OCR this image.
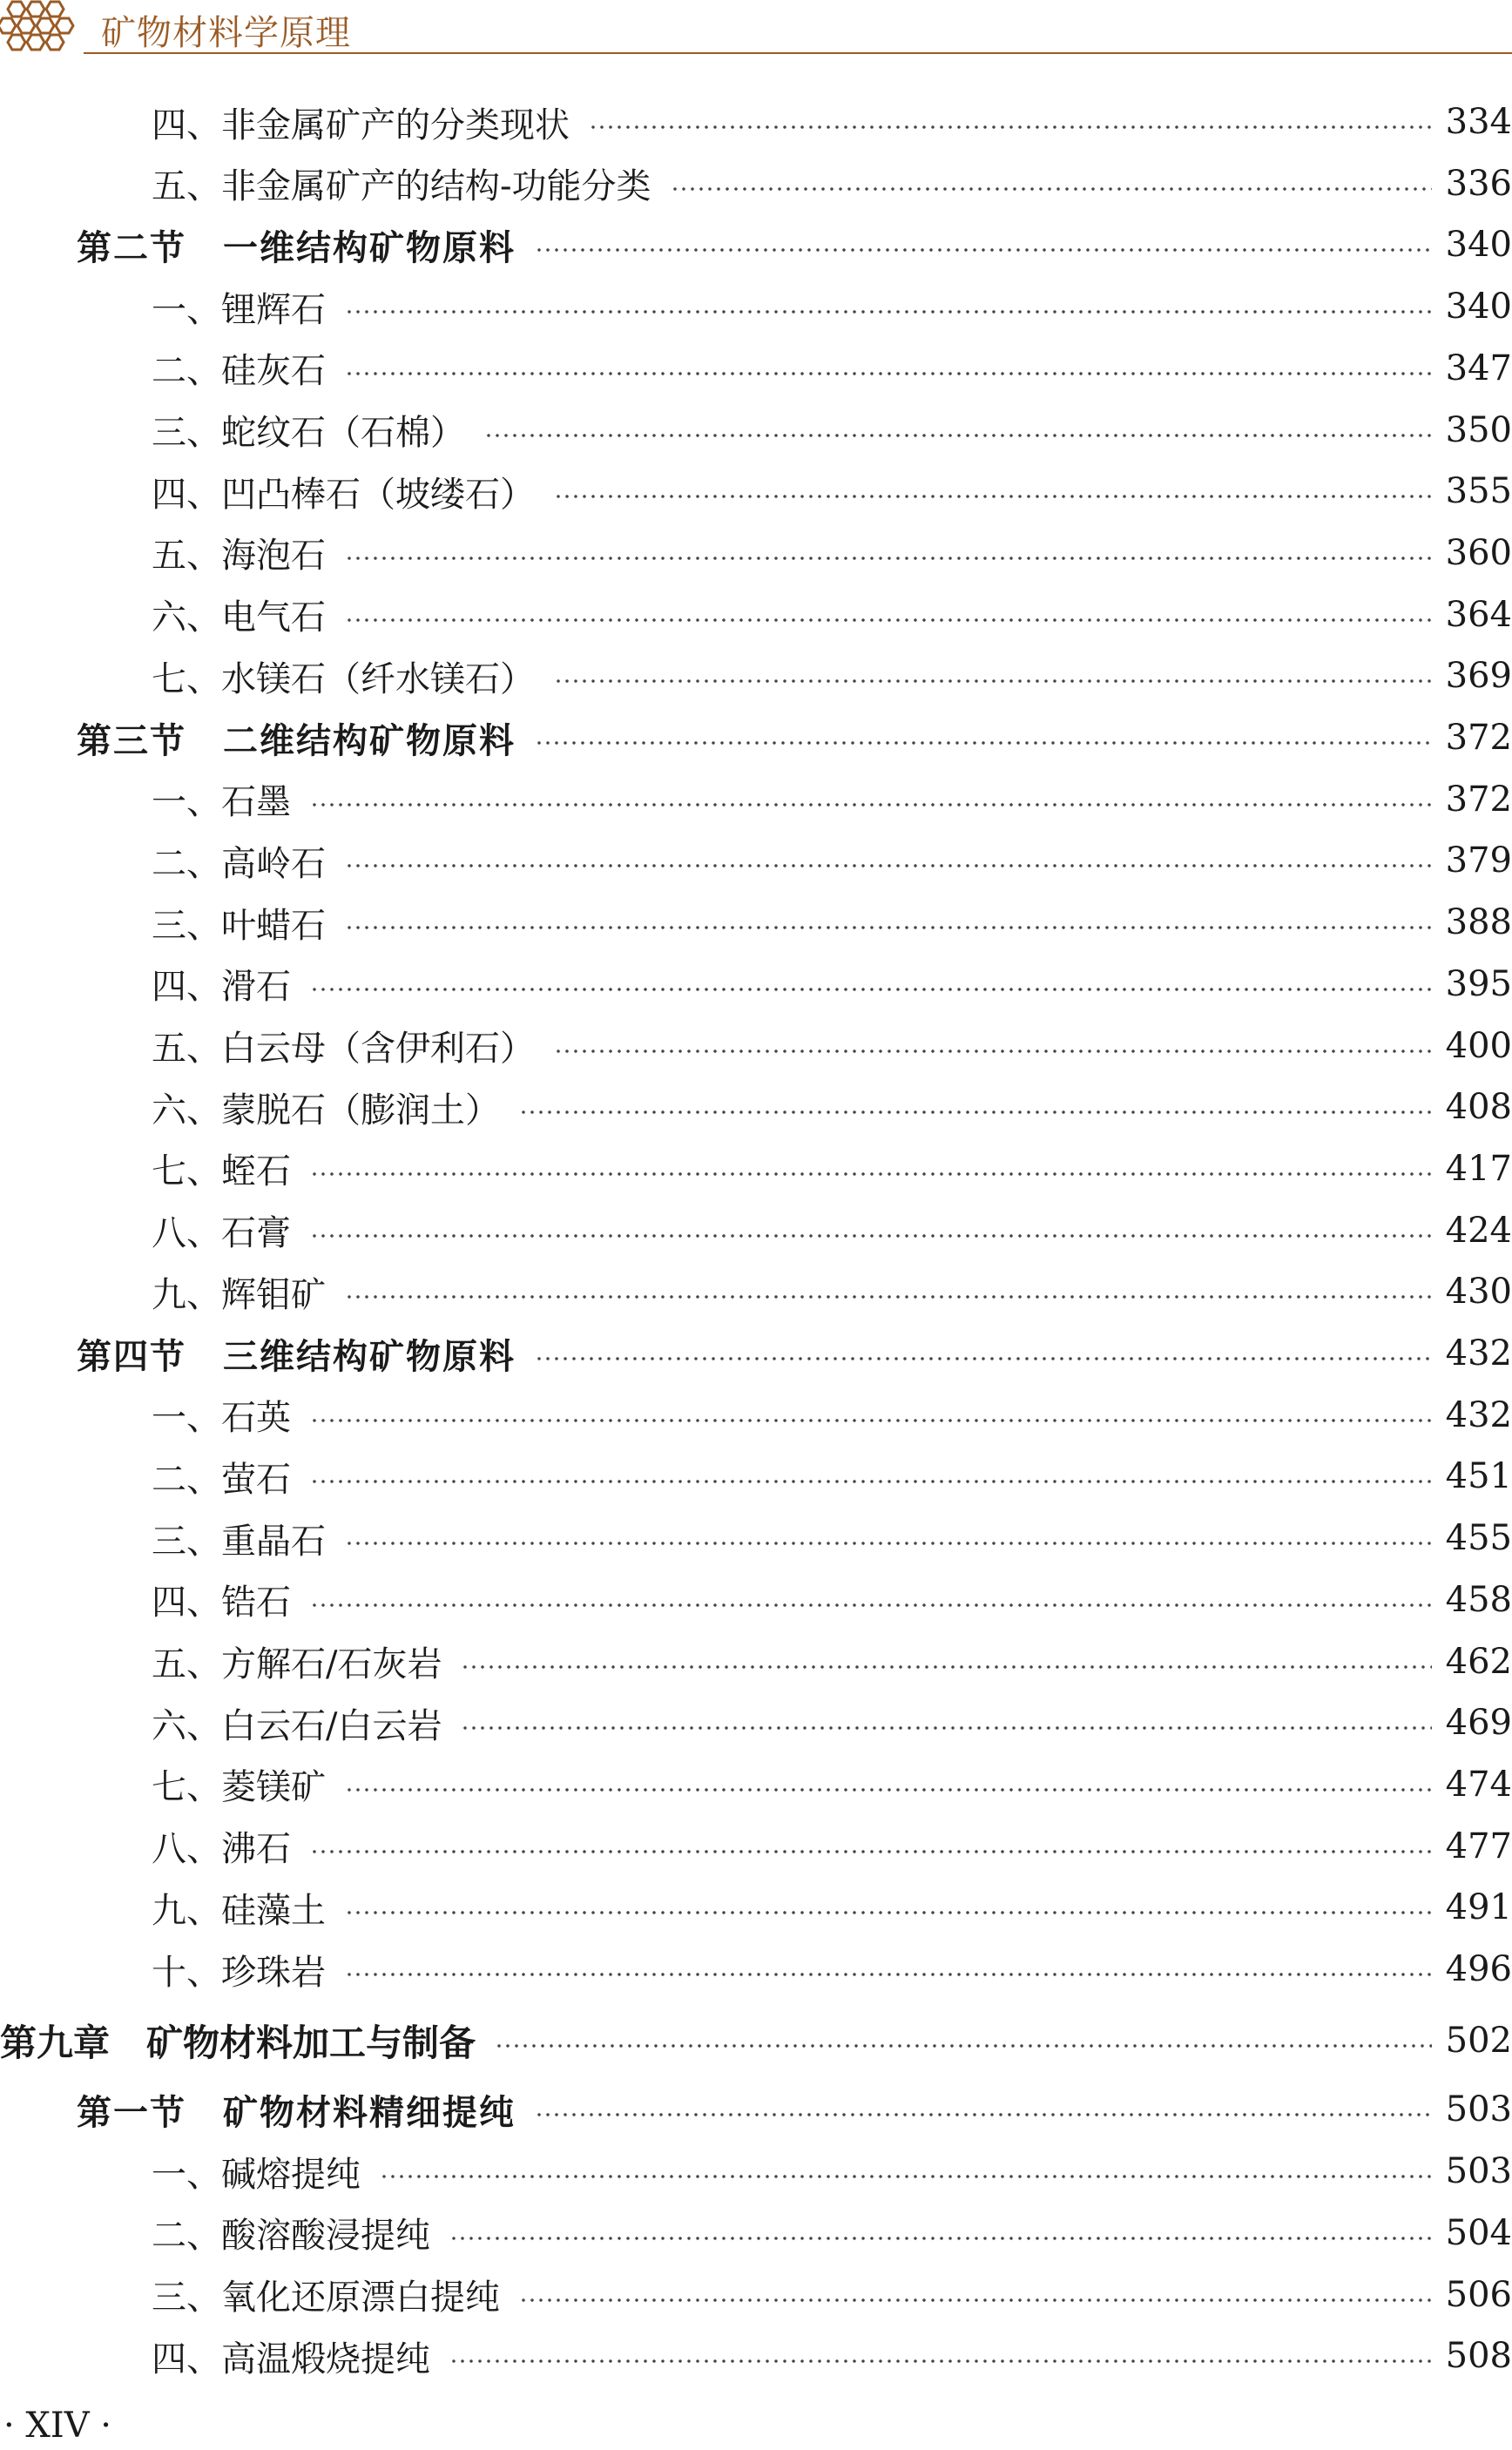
矿物材料学原理
四、非金属矿产的分类现状	334
五、非金属矿产的结构-功能分类	336
第二节　一维结构矿物原料	340
一、锂辉石	340
二、硅灰石	347
三、蛇纹石（石棉）	350
四、凹凸棒石（坡缕石）	355
五、海泡石	360
六、电气石	364
七、水镁石（纤水镁石）	369
第三节　二维结构矿物原料	372
一、石墨	372
二、高岭石	379
三、叶蜡石	388
四、滑石	395
五、白云母（含伊利石）	400
六、蒙脱石（膨润土）	408
七、蛭石	417
八、石膏	424
九、辉钼矿	430
第四节　三维结构矿物原料	432
一、石英	432
二、萤石	451
三、重晶石	455
四、锆石	458
五、方解石/石灰岩	462
六、白云石/白云岩	469
七、菱镁矿	474
八、沸石	477
九、硅藻土	491
十、珍珠岩	496
第九章　矿物材料加工与制备	502
第一节　矿物材料精细提纯	503
一、碱熔提纯	503
二、酸溶酸浸提纯	504
三、氧化还原漂白提纯	506
四、高温煅烧提纯	508
· XIV ·
